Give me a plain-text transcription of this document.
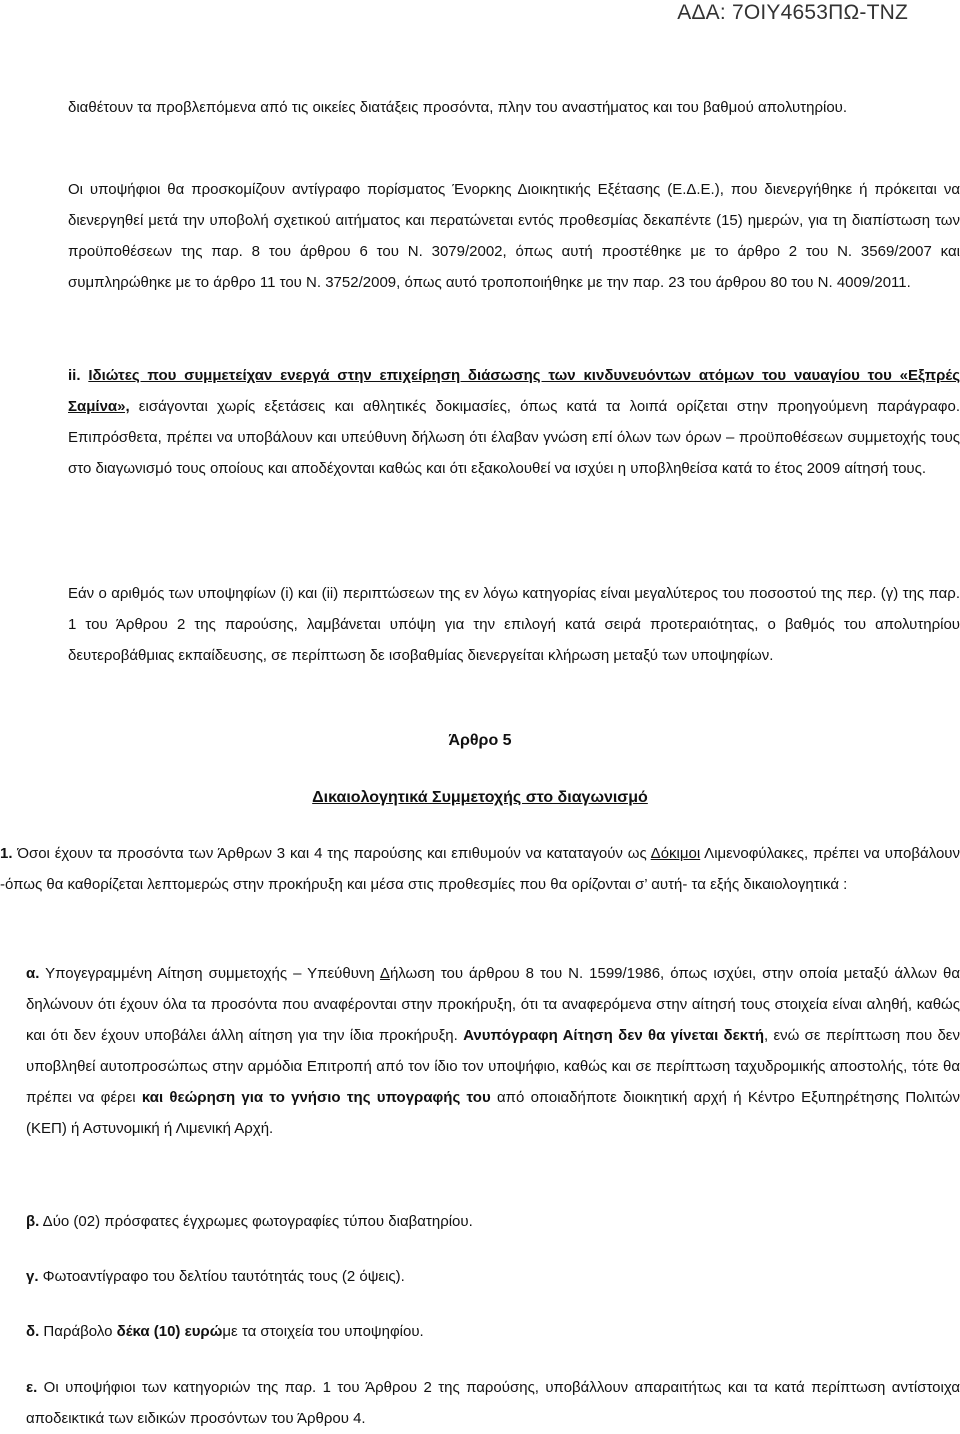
ΑΔΑ: 7ΟΙΥ4653ΠΩ-ΤΝΖ

διαθέτουν τα προβλεπόμενα από τις οικείες διατάξεις προσόντα, πλην του αναστήματος και του βαθμού απολυτηρίου.

Οι υποψήφιοι θα προσκομίζουν αντίγραφο πορίσματος Ένορκης Διοικητικής Εξέτασης (Ε.Δ.Ε.), που διενεργήθηκε ή πρόκειται να διενεργηθεί μετά την υποβολή σχετικού αιτήματος και περατώνεται εντός προθεσμίας δεκαπέντε (15) ημερών, για τη διαπίστωση των προϋποθέσεων της παρ. 8 του άρθρου 6 του Ν. 3079/2002, όπως αυτή προστέθηκε με το άρθρο 2 του Ν. 3569/2007 και συμπληρώθηκε με το άρθρο 11 του Ν. 3752/2009, όπως αυτό τροποποιήθηκε με την παρ. 23 του άρθρου 80 του Ν. 4009/2011.

ii. Ιδιώτες που συμμετείχαν ενεργά στην επιχείρηση διάσωσης των κινδυνευόντων ατόμων του ναυαγίου του «Εξπρές Σαμίνα», εισάγονται χωρίς εξετάσεις και αθλητικές δοκιμασίες, όπως κατά τα λοιπά ορίζεται στην προηγούμενη παράγραφο. Επιπρόσθετα, πρέπει να υποβάλουν και υπεύθυνη δήλωση ότι έλαβαν γνώση επί όλων των όρων – προϋποθέσεων συμμετοχής τους στο διαγωνισμό τους οποίους και αποδέχονται καθώς και ότι εξακολουθεί να ισχύει η υποβληθείσα κατά το έτος 2009 αίτησή τους.

Εάν ο αριθμός των υποψηφίων (i) και (ii) περιπτώσεων της εν λόγω κατηγορίας είναι μεγαλύτερος του ποσοστού της περ. (γ) της παρ. 1 του Άρθρου 2 της παρούσης, λαμβάνεται υπόψη για την επιλογή κατά σειρά προτεραιότητας, ο βαθμός του απολυτηρίου δευτεροβάθμιας εκπαίδευσης, σε περίπτωση δε ισοβαθμίας διενεργείται κλήρωση μεταξύ των υποψηφίων.

Άρθρο 5

Δικαιολογητικά Συμμετοχής στο διαγωνισμό

1. Όσοι έχουν τα προσόντα των Άρθρων 3 και 4 της παρούσης και επιθυμούν να καταταγούν ως Δόκιμοι Λιμενοφύλακες, πρέπει να υποβάλουν -όπως θα καθορίζεται λεπτομερώς στην προκήρυξη και μέσα στις προθεσμίες που θα ορίζονται σ’ αυτή- τα εξής δικαιολογητικά :

α. Υπογεγραμμένη Αίτηση συμμετοχής – Υπεύθυνη Δήλωση του άρθρου 8 του Ν. 1599/1986, όπως ισχύει, στην οποία μεταξύ άλλων θα δηλώνουν ότι έχουν όλα τα προσόντα που αναφέρονται στην προκήρυξη, ότι τα αναφερόμενα στην αίτησή τους στοιχεία είναι αληθή, καθώς και ότι δεν έχουν υποβάλει άλλη αίτηση για την ίδια προκήρυξη. Ανυπόγραφη Αίτηση δεν θα γίνεται δεκτή, ενώ σε περίπτωση που δεν υποβληθεί αυτοπροσώπως στην αρμόδια Επιτροπή από τον ίδιο τον υποψήφιο, καθώς και σε περίπτωση ταχυδρομικής αποστολής, τότε θα πρέπει να φέρει και θεώρηση για το γνήσιο της υπογραφής του από οποιαδήποτε διοικητική αρχή ή Κέντρο Εξυπηρέτησης Πολιτών (ΚΕΠ) ή Αστυνομική ή Λιμενική Αρχή.

β. Δύο (02) πρόσφατες έγχρωμες φωτογραφίες τύπου διαβατηρίου.

γ. Φωτοαντίγραφο του δελτίου ταυτότητάς τους (2 όψεις).

δ. Παράβολο δέκα (10) ευρώμε τα στοιχεία του υποψηφίου.

ε. Οι υποψήφιοι των κατηγοριών της παρ. 1 του Άρθρου 2 της παρούσης, υποβάλλουν απαραιτήτως και τα κατά περίπτωση αντίστοιχα αποδεικτικά των ειδικών προσόντων του Άρθρου 4.
